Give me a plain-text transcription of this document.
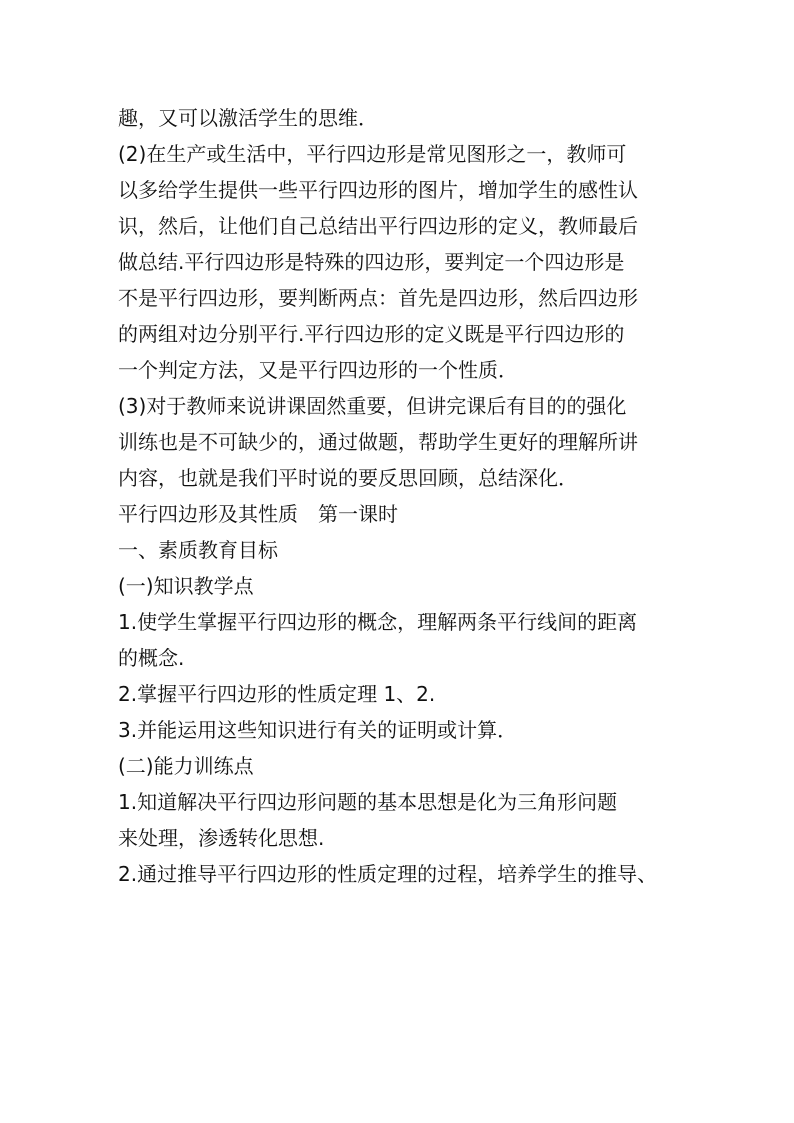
趣，又可以激活学生的思维．
(2)在生产或生活中，平行四边形是常见图形之一，教师可
以多给学生提供一些平行四边形的图片，增加学生的感性认
识，然后，让他们自己总结出平行四边形的定义，教师最后
做总结.平行四边形是特殊的四边形，要判定一个四边形是
不是平行四边形，要判断两点：首先是四边形，然后四边形
的两组对边分别平行.平行四边形的定义既是平行四边形的
一个判定方法，又是平行四边形的一个性质．
(3)对于教师来说讲课固然重要，但讲完课后有目的的强化
训练也是不可缺少的，通过做题，帮助学生更好的理解所讲
内容，也就是我们平时说的要反思回顾，总结深化．
平行四边形及其性质　第一课时
一、素质教育目标
(一)知识教学点
1.使学生掌握平行四边形的概念，理解两条平行线间的距离
的概念.
2.掌握平行四边形的性质定理 1、2.
3.并能运用这些知识进行有关的证明或计算．
(二)能力训练点
1.知道解决平行四边形问题的基本思想是化为三角形问题
来处理，渗透转化思想.
2.通过推导平行四边形的性质定理的过程，培养学生的推导、
